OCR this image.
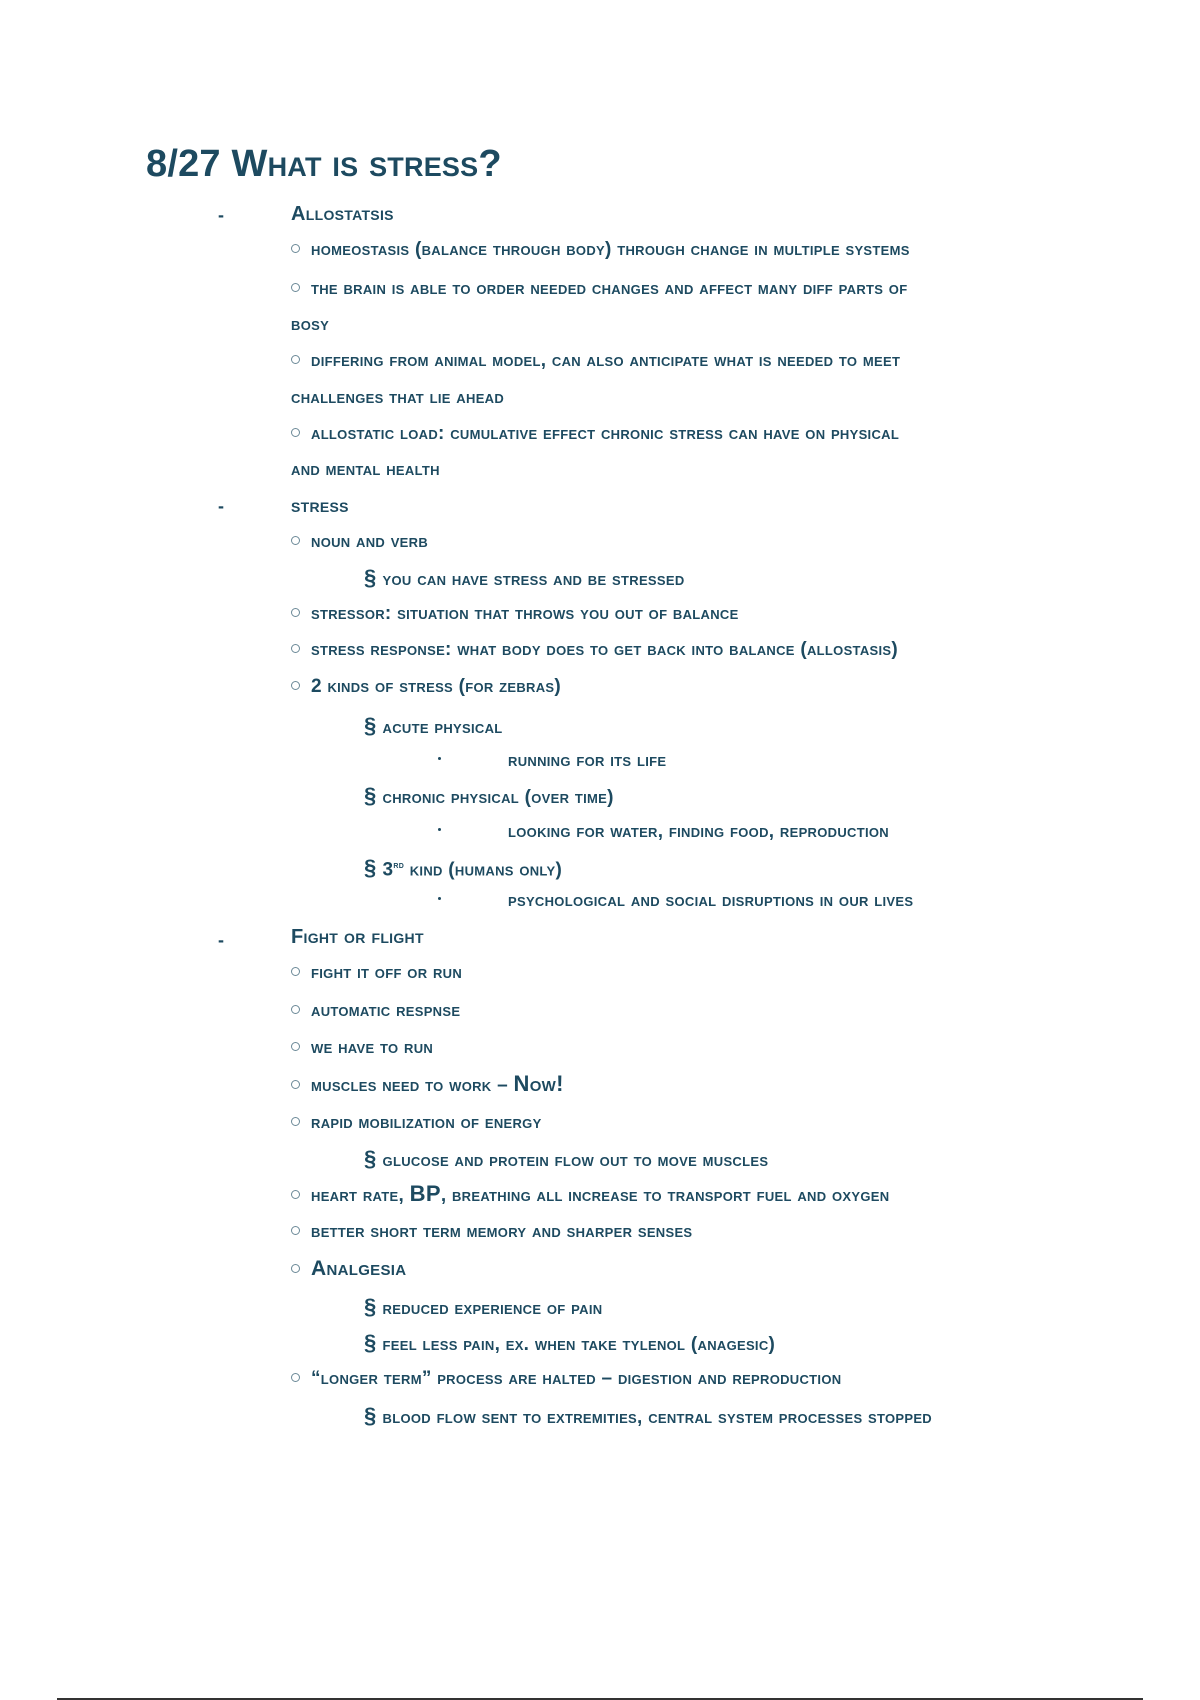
8/27 What is stress?
-	Allostatsis
homeostasis (balance through body) through change in multiple systems
the brain is able to order needed changes and affect many diff parts of
bosy
differing from animal model, can also anticipate what is needed to meet
challenges that lie ahead
allostatic load: cumulative effect chronic stress can have on physical
and mental health
-	stress
noun and verb
§ you can have stress and be stressed
stressor: situation that throws you out of balance
stress response: what body does to get back into balance (allostasis)
2 kinds of stress (for zebras)
§ acute physical
running for its life
§ chronic physical (over time)
looking for water, finding food, reproduction
§ 3rd kind (humans only)
psychological and social disruptions in our lives
-	Fight or flight
fight it off or run
automatic respnse
we have to run
muscles need to work – Now!
rapid mobilization of energy
§ glucose and protein flow out to move muscles
heart rate, BP, breathing all increase to transport fuel and oxygen
better short term memory and sharper senses
Analgesia
§ reduced experience of pain
§ feel less pain, ex. when take tylenol (anagesic)
“longer term” process are halted – digestion and reproduction
§ blood flow sent to extremities, central system processes stopped
